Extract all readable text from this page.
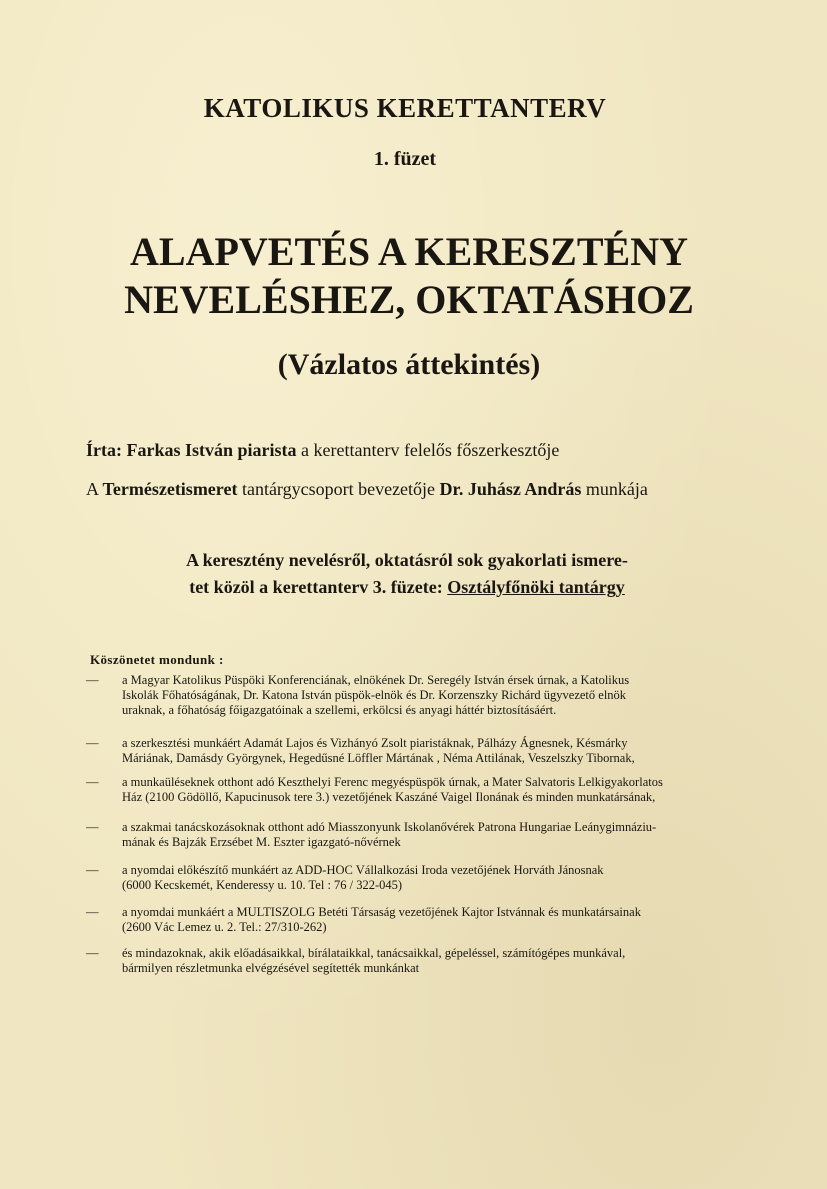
KATOLIKUS KERETTANTERV
1. füzet
ALAPVETÉS A KERESZTÉNY
NEVELÉSHEZ, OKTATÁSHOZ
(Vázlatos áttekintés)
Írta: Farkas István piarista a kerettanterv felelős főszerkesztője
A Természetismeret tantárgycsoport bevezetője Dr. Juhász András munkája
A keresztény nevelésről, oktatásról sok gyakorlati ismere-
tet közöl a kerettanterv 3. füzete: Osztályfőnöki tantárgy
Köszönetet mondunk :
— a Magyar Katolikus Püspöki Konferenciának, elnökének Dr. Seregély István érsek úrnak, a Katolikus
Iskolák Főhatóságának, Dr. Katona István püspök-elnök és Dr. Korzenszky Richárd ügyvezető elnök
uraknak, a főhatóság főigazgatóinak a szellemi, erkölcsi és anyagi háttér biztosításáért.
— a szerkesztési munkáért Adamát Lajos és Vizhányó Zsolt piaristáknak, Pálházy Ágnesnek, Késmárky
Máriának, Damásdy Györgynek, Hegedűsné Löffler Mártának , Néma Attilának, Veszelszky Tibornak,
— a munkaüléseknek otthont adó Keszthelyi Ferenc megyéspüspök úrnak, a Mater Salvatoris Lelkigyakorlatos
Ház (2100 Gödöllő, Kapucinusok tere 3.) vezetőjének Kaszáné Vaigel Ilonának és minden munkatársának,
— a szakmai tanácskozásoknak otthont adó Miasszonyunk Iskolanővérek Patrona Hungariae Leánygimnáziu-
mának és Bajzák Erzsébet M. Eszter igazgató-nővérnek
— a nyomdai előkészítő munkáért az ADD-HOC Vállalkozási Iroda vezetőjének Horváth Jánosnak
(6000 Kecskemét, Kenderessy u. 10. Tel : 76 / 322-045)
— a nyomdai munkáért a MULTISZOLG Betéti Társaság vezetőjének Kajtor Istvánnak és munkatársainak
(2600 Vác Lemez u. 2. Tel.: 27/310-262)
— és mindazoknak, akik előadásaikkal, bírálataikkal, tanácsaikkal, gépeléssel, számítógépes munkával,
bármilyen részletmunka elvégzésével segítették munkánkat
